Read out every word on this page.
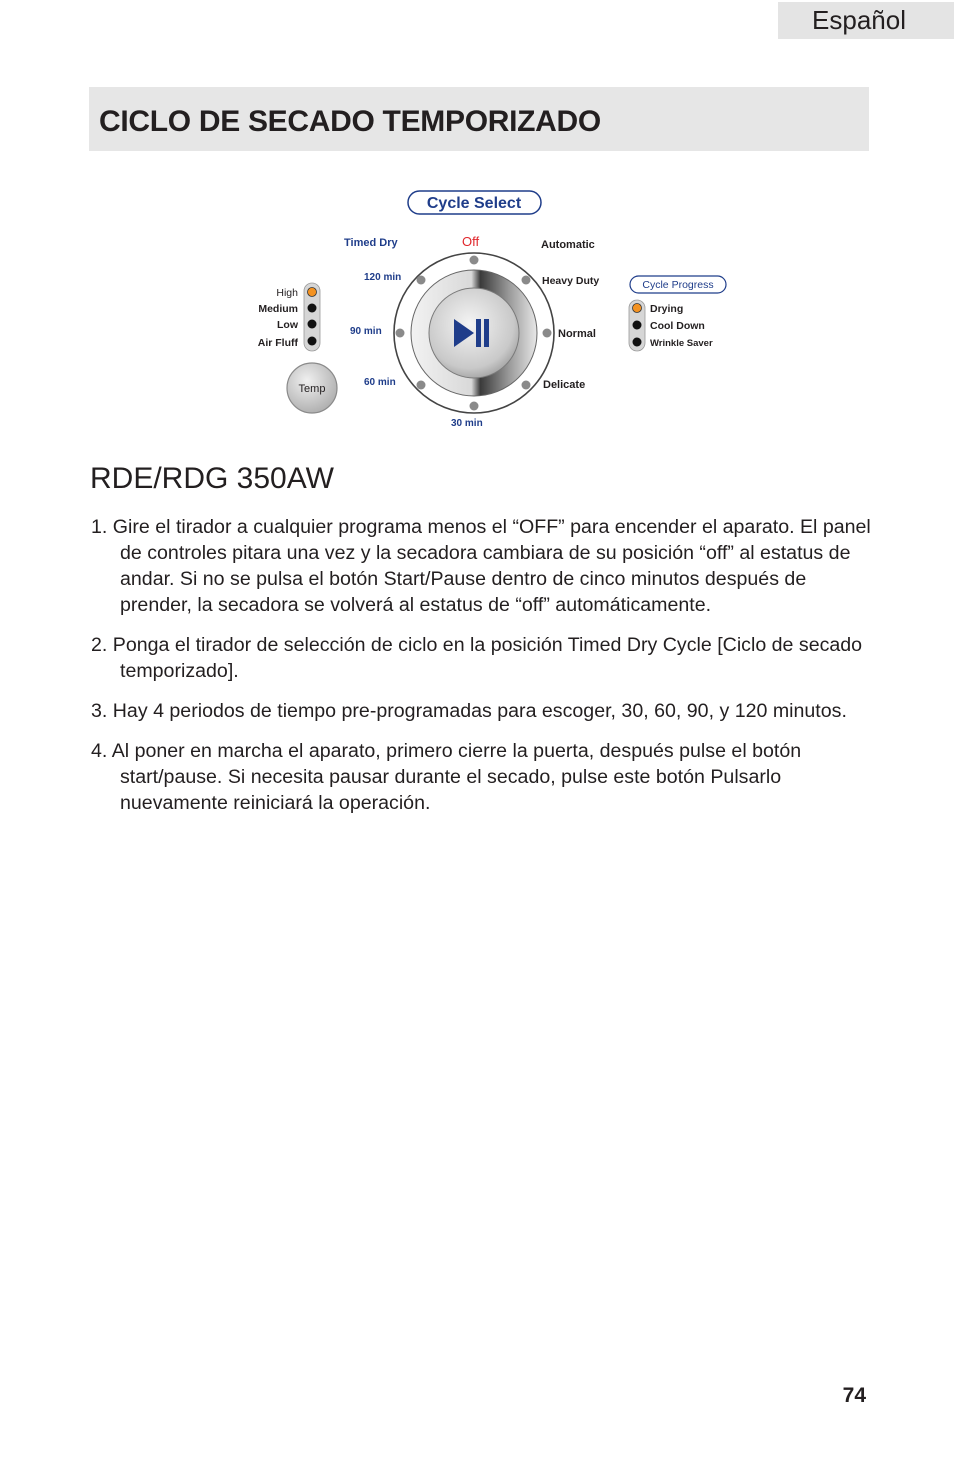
Español
CICLO DE SECADO TEMPORIZADO
Cycle Select
Timed Dry	Off	Automatic
120 min	Heavy Duty
90 min	Normal
60 min	Delicate
30 min
High
Medium
Low
Air Fluff
Temp
Cycle Progress
Drying
Cool Down
Wrinkle Saver
RDE/RDG 350AW
1. Gire el tirador a cualquier programa menos el “OFF” para encender el aparato. El panel de controles pitara una vez y la secadora cambiara de su posición “off” al estatus de andar. Si no se pulsa el botón Start/Pause dentro de cinco minutos después de prender, la secadora se volverá al estatus de “off” automáticamente.
2. Ponga el tirador de selección de ciclo en la posición Timed Dry Cycle [Ciclo de secado temporizado].
3. Hay 4 periodos de tiempo pre-programadas para escoger, 30, 60, 90, y 120 minutos.
4. Al poner en marcha el aparato, primero cierre la puerta, después pulse el botón start/pause. Si necesita pausar durante el secado, pulse este botón Pulsarlo nuevamente reiniciará la operación.
74
